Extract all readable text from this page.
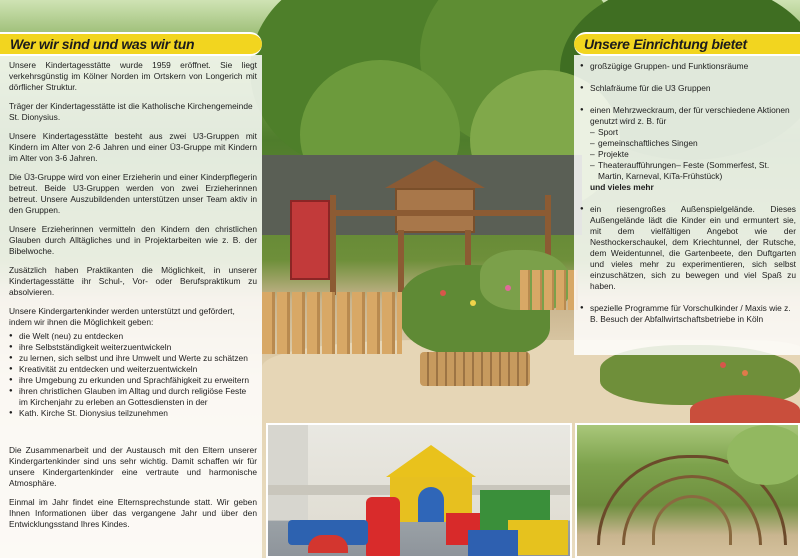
Wer wir sind und was wir tun

Unsere Kindertagesstätte wurde 1959 eröffnet. Sie liegt verkehrsgünstig im Kölner Norden im Ortskern von Longerich mit dörflicher Struktur.

Träger der Kindertagesstätte ist die Katholische Kirchengemeinde St. Dionysius.

Unsere Kindertagesstätte besteht aus zwei U3-Gruppen mit Kindern im Alter von 2-6 Jahren und einer Ü3-Gruppe mit Kindern im Alter von 3-6 Jahren.

Die Ü3-Gruppe wird von einer Erzieherin und einer Kinderpflegerin betreut. Beide U3-Gruppen werden von zwei Erzieherinnen betreut. Unsere Auszubildenden unterstützen unser Team aktiv in den Gruppen.

Unsere Erzieherinnen vermitteln den Kindern den christlichen Glauben durch Alltägliches und in Projektarbeiten wie z. B. der Bibelwoche.

Zusätzlich haben Praktikanten die Möglichkeit, in unserer Kindertagesstätte ihr Schul-, Vor- oder Berufspraktikum zu absolvieren.

Unsere Kindergartenkinder werden unterstützt und gefördert, indem wir ihnen die Möglichkeit geben:

● die Welt (neu) zu entdecken
● ihre Selbstständigkeit weiterzuentwickeln
● zu lernen, sich selbst und ihre Umwelt und Werte zu schätzen
● Kreativität zu entdecken und weiterzuentwickeln
● ihre Umgebung zu erkunden und Sprachfähigkeit zu erweitern
● ihren christlichen Glauben im Alltag und durch religiöse Feste im Kirchenjahr zu erleben an Gottesdiensten in der
● Kath. Kirche St. Dionysius teilzunehmen

Die Zusammenarbeit und der Austausch mit den Eltern unserer Kindergartenkinder sind uns sehr wichtig. Damit schaffen wir für unsere Kindergartenkinder eine vertraute und harmonische Atmosphäre.

Einmal im Jahr findet eine Elternsprechstunde statt. Wir geben Ihnen Informationen über das vergangene Jahr und über den Entwicklungsstand Ihres Kindes.

Unsere Einrichtung bietet
● großzügige Gruppen- und Funktionsräume
● Schlafräume für die U3 Gruppen
● einen Mehrzweckraum, der für verschiedene Aktionen genutzt wird z. B. für
– Sport
– gemeinschaftliches Singen
– Projekte
– Theateraufführungen– Feste (Sommerfest, St. Martin, Karneval, KiTa-Frühstück)
und vieles mehr
● ein riesengroßes Außenspielgelände. Dieses Außengelände lädt die Kinder ein und ermuntert sie, mit dem vielfältigen Angebot wie der Nesthockerschaukel, dem Kriechtunnel, der Rutsche, dem Weidentunnel, die Gartenbeete, den Duftgarten und vieles mehr zu experimentieren, sich selbst einzuschätzen, sich zu bewegen und viel Spaß zu haben.
● spezielle Programme für Vorschulkinder / Maxis wie z. B. Besuch der Abfallwirtschaftsbetriebe in Köln
